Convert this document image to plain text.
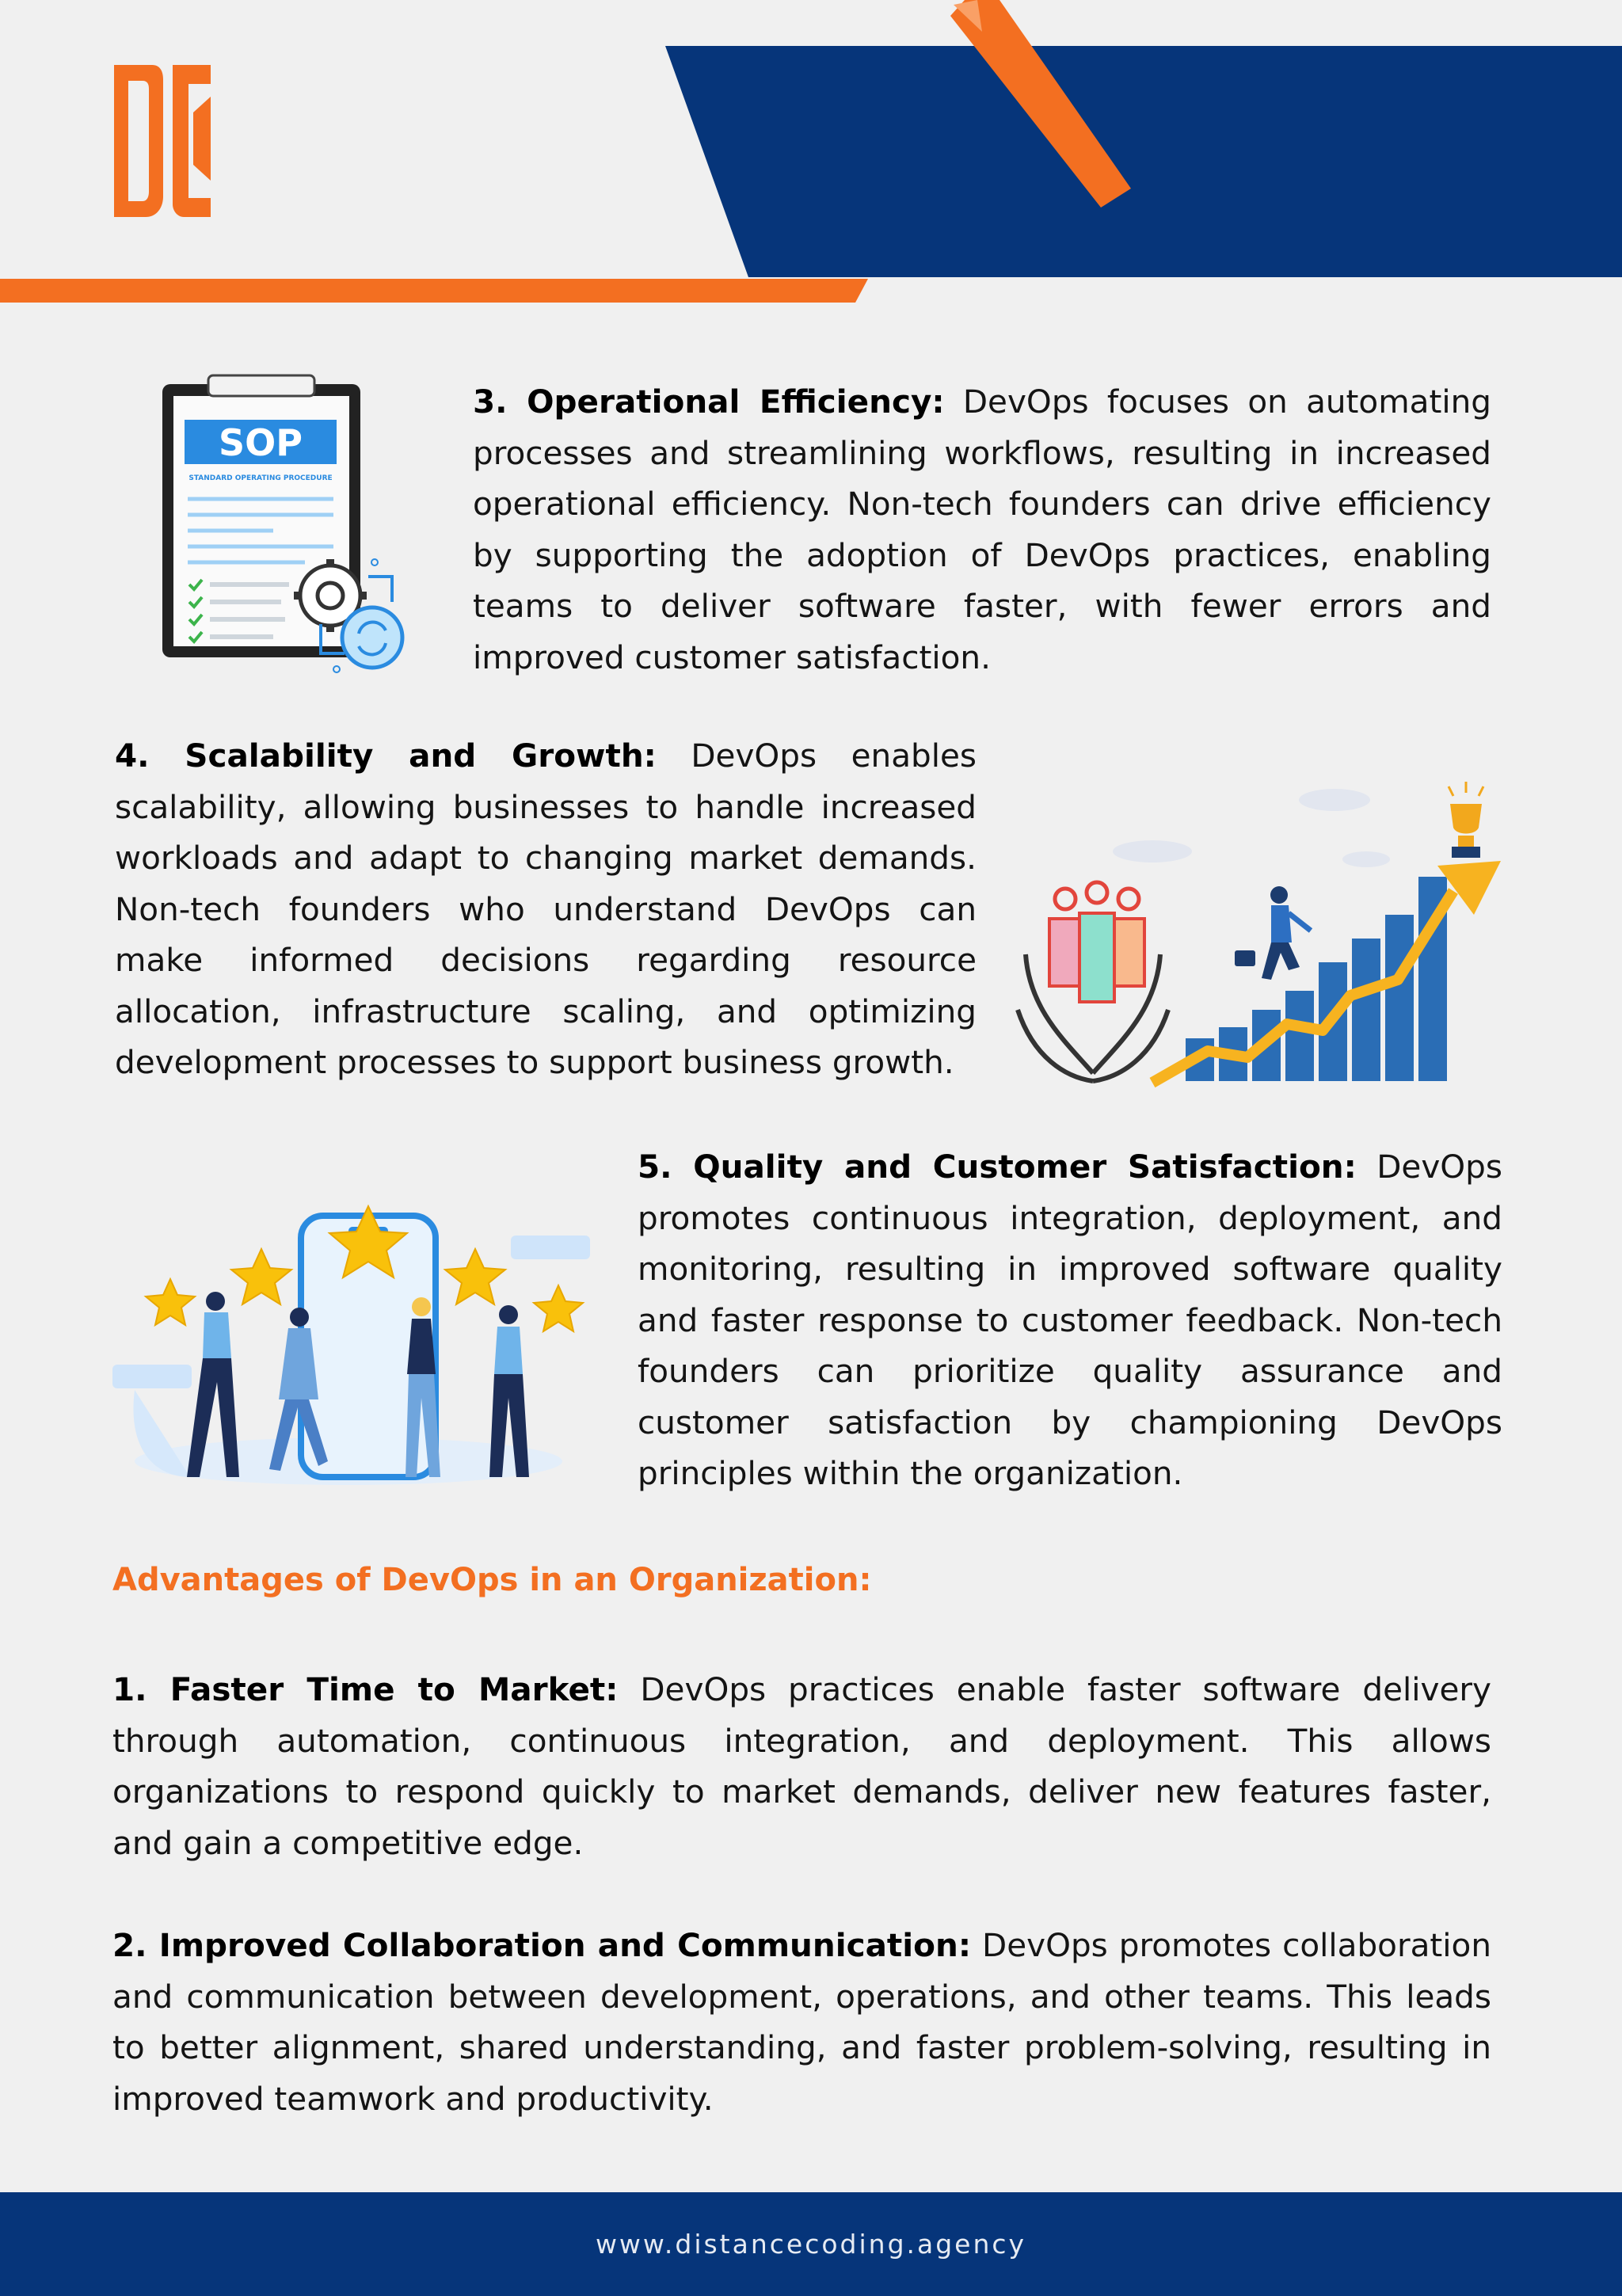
SOP
STANDARD OPERATING PROCEDURE

3. Operational Efficiency: DevOps focuses on automating processes and streamlining workflows, resulting in increased operational efficiency. Non-tech founders can drive efficiency by supporting the adoption of DevOps practices, enabling teams to deliver software faster, with fewer errors and improved customer satisfaction.

4. Scalability and Growth: DevOps enables scalability, allowing businesses to handle increased workloads and adapt to changing market demands. Non-tech founders who understand DevOps can make informed decisions regarding resource allocation, infrastructure scaling, and optimizing development processes to support business growth.

5. Quality and Customer Satisfaction: DevOps promotes continuous integration, deployment, and monitoring, resulting in improved software quality and faster response to customer feedback. Non-tech founders can prioritize quality assurance and customer satisfaction by championing DevOps principles within the organization.

Advantages of DevOps in an Organization:

1. Faster Time to Market: DevOps practices enable faster software delivery through automation, continuous integration, and deployment. This allows organizations to respond quickly to market demands, deliver new features faster, and gain a competitive edge.

2. Improved Collaboration and Communication: DevOps promotes collaboration and communication between development, operations, and other teams. This leads to better alignment, shared understanding, and faster problem-solving, resulting in improved teamwork and productivity.

www.distancecoding.agency
